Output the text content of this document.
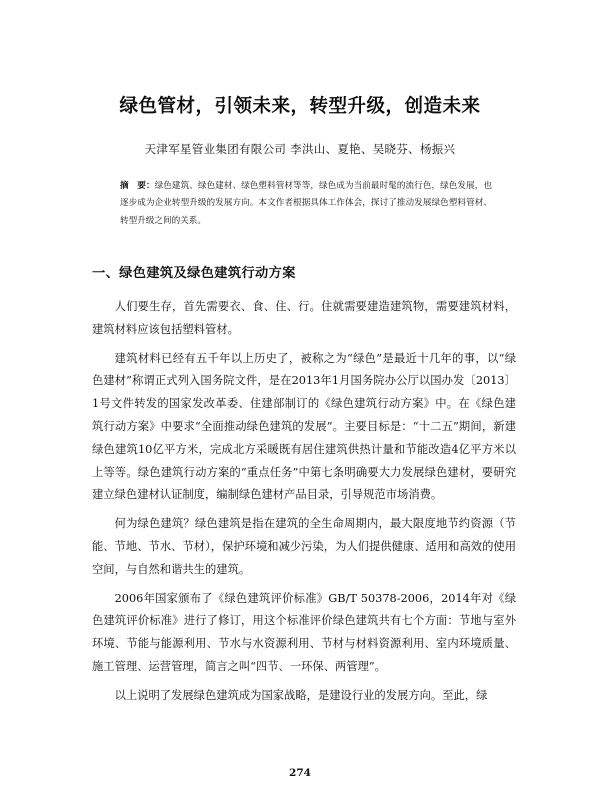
绿色管材，引领未来，转型升级，创造未来
天津军星管业集团有限公司 李洪山、夏艳、吴晓芬、杨振兴
摘　要：绿色建筑、绿色建材、绿色塑料管材等等，绿色成为当前最时髦的流行色，绿色发展，也逐步成为企业转型升级的发展方向。本文作者根据具体工作体会，探讨了推动发展绿色塑料管材、转型升级之间的关系。
一、绿色建筑及绿色建筑行动方案

人们要生存，首先需要衣、食、住、行。住就需要建造建筑物，需要建筑材料，建筑材料应该包括塑料管材。

建筑材料已经有五千年以上历史了，被称之为“绿色”是最近十几年的事，以“绿色建材”称谓正式列入国务院文件，是在2013年1月国务院办公厅以国办发〔2013〕1号文件转发的国家发改革委、住建部制订的《绿色建筑行动方案》中。在《绿色建筑行动方案》中要求“全面推动绿色建筑的发展”。主要目标是：“十二五”期间，新建绿色建筑10亿平方米，完成北方采暖既有居住建筑供热计量和节能改造4亿平方米以上等等。绿色建筑行动方案的“重点任务”中第七条明确要大力发展绿色建材，要研究建立绿色建材认证制度，编制绿色建材产品目录，引导规范市场消费。

何为绿色建筑？绿色建筑是指在建筑的全生命周期内，最大限度地节约资源（节能、节地、节水、节材），保护环境和减少污染，为人们提供健康、适用和高效的使用空间，与自然和谐共生的建筑。

2006年国家颁布了《绿色建筑评价标准》GB/T 50378-2006，2014年对《绿色建筑评价标准》进行了修订，用这个标准评价绿色建筑共有七个方面：节地与室外环境、节能与能源利用、节水与水资源利用、节材与材料资源利用、室内环境质量、施工管理、运营管理，简言之叫“四节、一环保、两管理”。

以上说明了发展绿色建筑成为国家战略，是建设行业的发展方向。至此，绿

274
